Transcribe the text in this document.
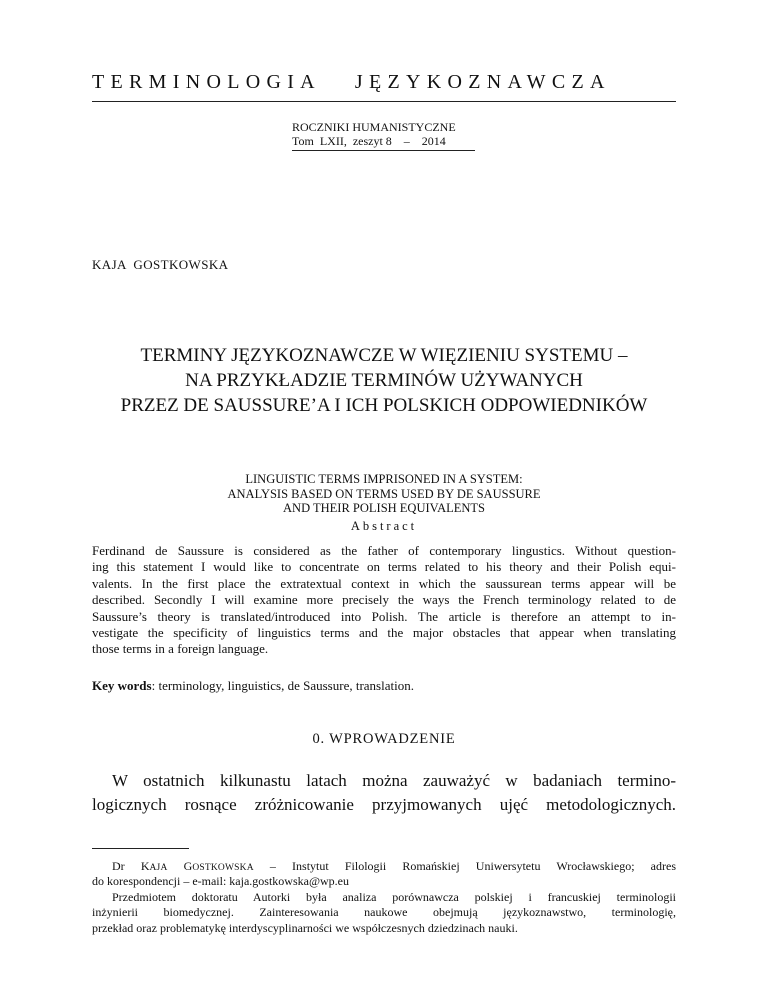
TERMINOLOGIA JĘZYKOZNAWCZA
ROCZNIKI HUMANISTYCZNE
Tom  LXII,  zeszyt 8    –    2014
KAJA  GOSTKOWSKA
TERMINY JĘZYKOZNAWCZE W WIĘZIENIU SYSTEMU –
NA PRZYKŁADZIE TERMINÓW UŻYWANYCH
PRZEZ DE SAUSSURE’A I ICH POLSKICH ODPOWIEDNIKÓW
LINGUISTIC TERMS IMPRISONED IN A SYSTEM:
ANALYSIS BASED ON TERMS USED BY DE SAUSSURE
AND THEIR POLISH EQUIVALENTS
Abstract
Ferdinand de Saussure is considered as the father of contemporary lingustics. Without question-
ing this statement I would like to concentrate on terms related to his theory and their Polish equi-
valents. In the first place the extratextual context in which the saussurean terms appear will be
described. Secondly I will examine more precisely the ways the French terminology related to de
Saussure’s theory is translated/introduced into Polish. The article is therefore an attempt to in-
vestigate the specificity of linguistics terms and the major obstacles that appear when translating
those terms in a foreign language.
Key words: terminology, linguistics, de Saussure, translation.
0. WPROWADZENIE
W ostatnich kilkunastu latach można zauważyć w badaniach termino-
logicznych rosnące zróżnicowanie przyjmowanych ujęć metodologicznych.
Dr KAJA GOSTKOWSKA – Instytut Filologii Romańskiej Uniwersytetu Wrocławskiego; adres
do korespondencji – e-mail: kaja.gostkowska@wp.eu
Przedmiotem doktoratu Autorki była analiza porównawcza polskiej i francuskiej terminologii
inżynierii biomedycznej. Zainteresowania naukowe obejmują językoznawstwo, terminologię,
przekład oraz problematykę interdyscyplinarności we współczesnych dziedzinach nauki.
